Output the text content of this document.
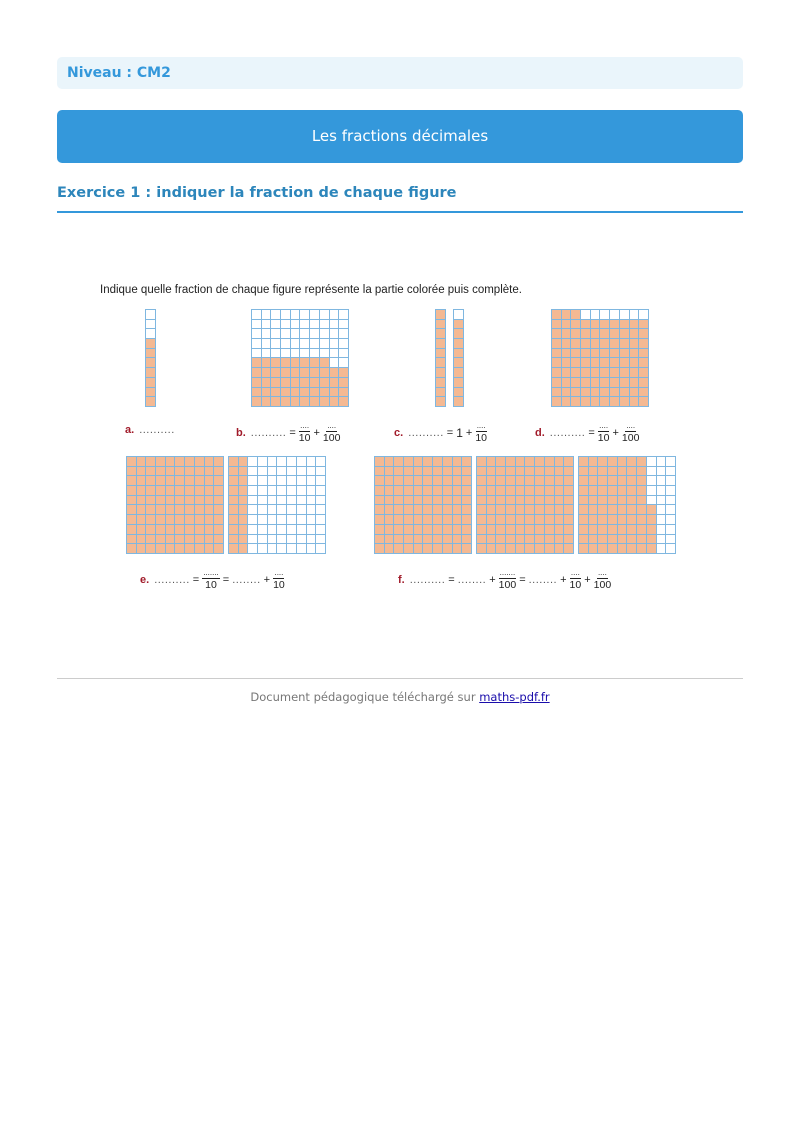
Niveau : CM2
Les fractions décimales
Exercice 1 : indiquer la fraction de chaque figure
Indique quelle fraction de chaque figure représente la partie colorée puis complète.
a. ..........	b. .......... = $\frac{....}{10} + \frac{....}{100}$	c. .......... = $1 + \frac{....}{10}$	d. .......... = $\frac{....}{10} + \frac{....}{100}$
e. .......... = $\frac{.......}{10}$ = ........ + $\frac{....}{10}$	f. .......... = ........ + $\frac{.......}{100}$ = ........ + $\frac{....}{10} + \frac{....}{100}$
Document pédagogique téléchargé sur maths-pdf.fr
